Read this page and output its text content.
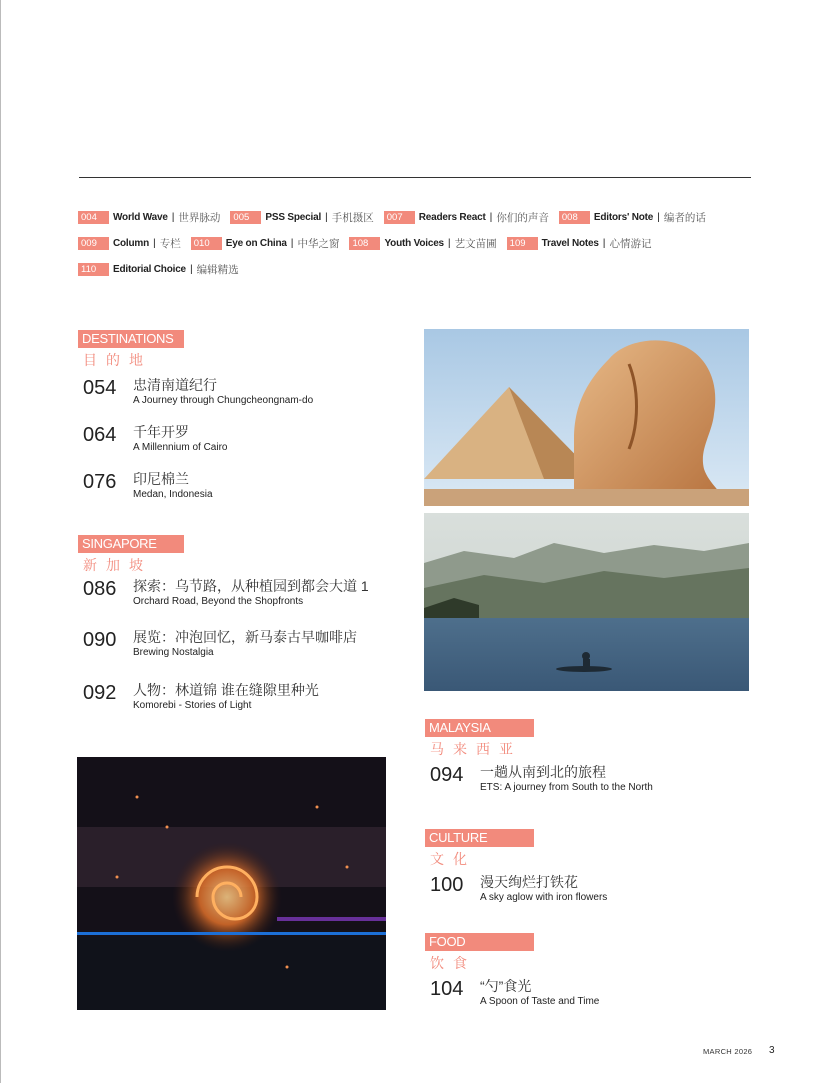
004	World Wave | 世界脉动	005	PSS Special | 手机摄区	007	Readers React | 你们的声音	008	Editors' Note | 编者的话
009	Column | 专栏	010	Eye on China | 中华之窗	108	Youth Voices | 艺文苗圃	109	Travel Notes | 心情游记
110	Editorial Choice | 编辑精选
DESTINATIONS
目的地
054	忠清南道纪行
A Journey through Chungcheongnam-do
064	千年开罗
A Millennium of Cairo
076	印尼棉兰
Medan, Indonesia
SINGAPORE
新加坡
086	探索：乌节路，从种植园到都会大道 1
Orchard Road, Beyond the Shopfronts
090	展览：冲泡回忆，新马泰古早咖啡店
Brewing Nostalgia
092	人物：林道锦 谁在缝隙里种光
Komorebi - Stories of Light
MALAYSIA
马来西亚
094	一趟从南到北的旅程
ETS: A journey from South to the North
CULTURE
文化
100	漫天绚烂打铁花
A sky aglow with iron flowers
FOOD
饮食
104	“勺”食光
A Spoon of Taste and Time
MARCH 2026 3
